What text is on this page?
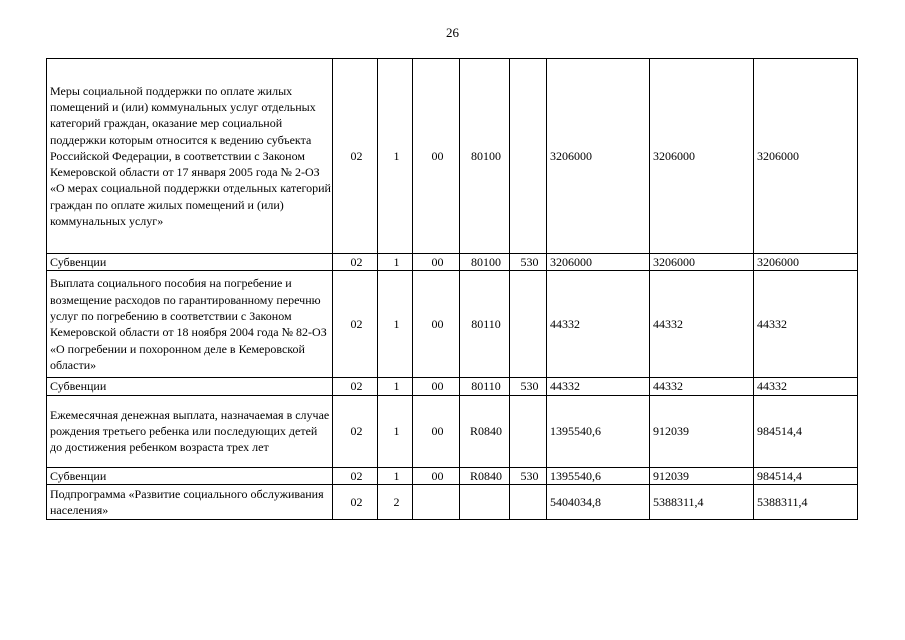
26
Меры социальной поддержки по оплате жилых помещений и (или) коммунальных услуг отдельных категорий граждан, оказание мер социальной поддержки которым относится к ведению субъекта Российской Федерации, в соответствии с Законом Кемеровской области от 17 января 2005 года № 2-ОЗ «О мерах социальной поддержки отдельных категорий граждан по оплате жилых помещений и (или) коммунальных услуг»	02	1	00	80100		3206000	3206000	3206000
Субвенции	02	1	00	80100	530	3206000	3206000	3206000
Выплата социального пособия на погребение и возмещение расходов по гарантированному перечню услуг по погребению в соответствии с Законом Кемеровской области от 18 ноября 2004 года № 82-ОЗ «О погребении и похоронном деле в Кемеровской области»	02	1	00	80110		44332	44332	44332
Субвенции	02	1	00	80110	530	44332	44332	44332
Ежемесячная денежная выплата, назначаемая в случае рождения третьего ребенка или последующих детей до достижения ребенком возраста трех лет	02	1	00	R0840		1395540,6	912039	984514,4
Субвенции	02	1	00	R0840	530	1395540,6	912039	984514,4
Подпрограмма «Развитие социального обслуживания населения»	02	2				5404034,8	5388311,4	5388311,4
